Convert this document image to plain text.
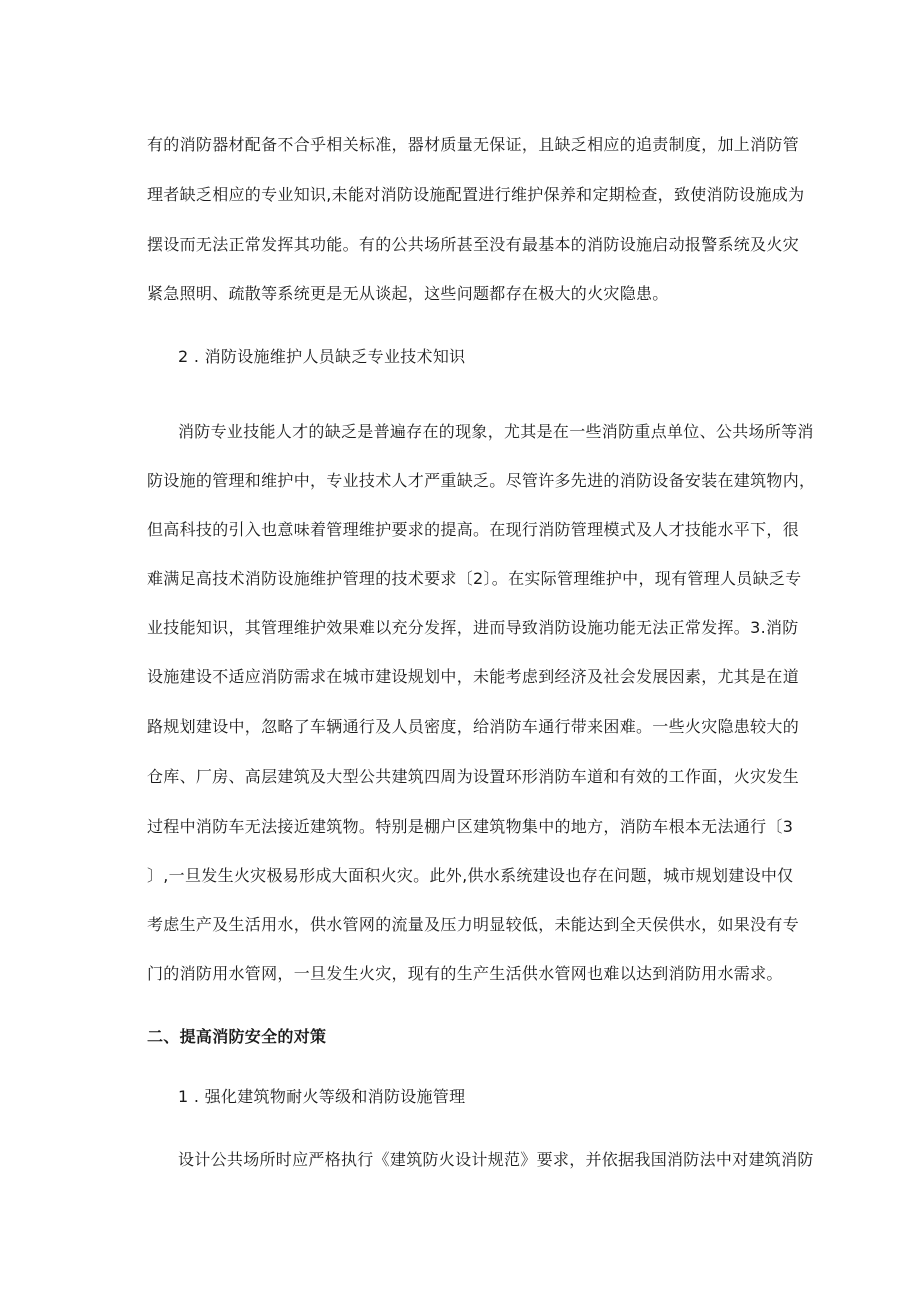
有的消防器材配备不合乎相关标准，器材质量无保证，且缺乏相应的追责制度，加上消防管
理者缺乏相应的专业知识,未能对消防设施配置进行维护保养和定期检查，致使消防设施成为
摆设而无法正常发挥其功能。有的公共场所甚至没有最基本的消防设施启动报警系统及火灾
紧急照明、疏散等系统更是无从谈起，这些问题都存在极大的火灾隐患。
2 . 消防设施维护人员缺乏专业技术知识
消防专业技能人才的缺乏是普遍存在的现象，尤其是在一些消防重点单位、公共场所等消
防设施的管理和维护中，专业技术人才严重缺乏。尽管许多先进的消防设备安装在建筑物内，
但高科技的引入也意味着管理维护要求的提高。在现行消防管理模式及人才技能水平下，很
难满足高技术消防设施维护管理的技术要求〔2〕。在实际管理维护中，现有管理人员缺乏专
业技能知识，其管理维护效果难以充分发挥，进而导致消防设施功能无法正常发挥。3.消防
设施建设不适应消防需求在城市建设规划中，未能考虑到经济及社会发展因素，尤其是在道
路规划建设中，忽略了车辆通行及人员密度，给消防车通行带来困难。一些火灾隐患较大的
仓库、厂房、高层建筑及大型公共建筑四周为设置环形消防车道和有效的工作面，火灾发生
过程中消防车无法接近建筑物。特别是棚户区建筑物集中的地方，消防车根本无法通行〔3
〕,一旦发生火灾极易形成大面积火灾。此外,供水系统建设也存在问题，城市规划建设中仅
考虑生产及生活用水，供水管网的流量及压力明显较低，未能达到全天侯供水，如果没有专
门的消防用水管网，一旦发生火灾，现有的生产生活供水管网也难以达到消防用水需求。
二、提高消防安全的对策
1 . 强化建筑物耐火等级和消防设施管理
设计公共场所时应严格执行《建筑防火设计规范》要求，并依据我国消防法中对建筑消防
